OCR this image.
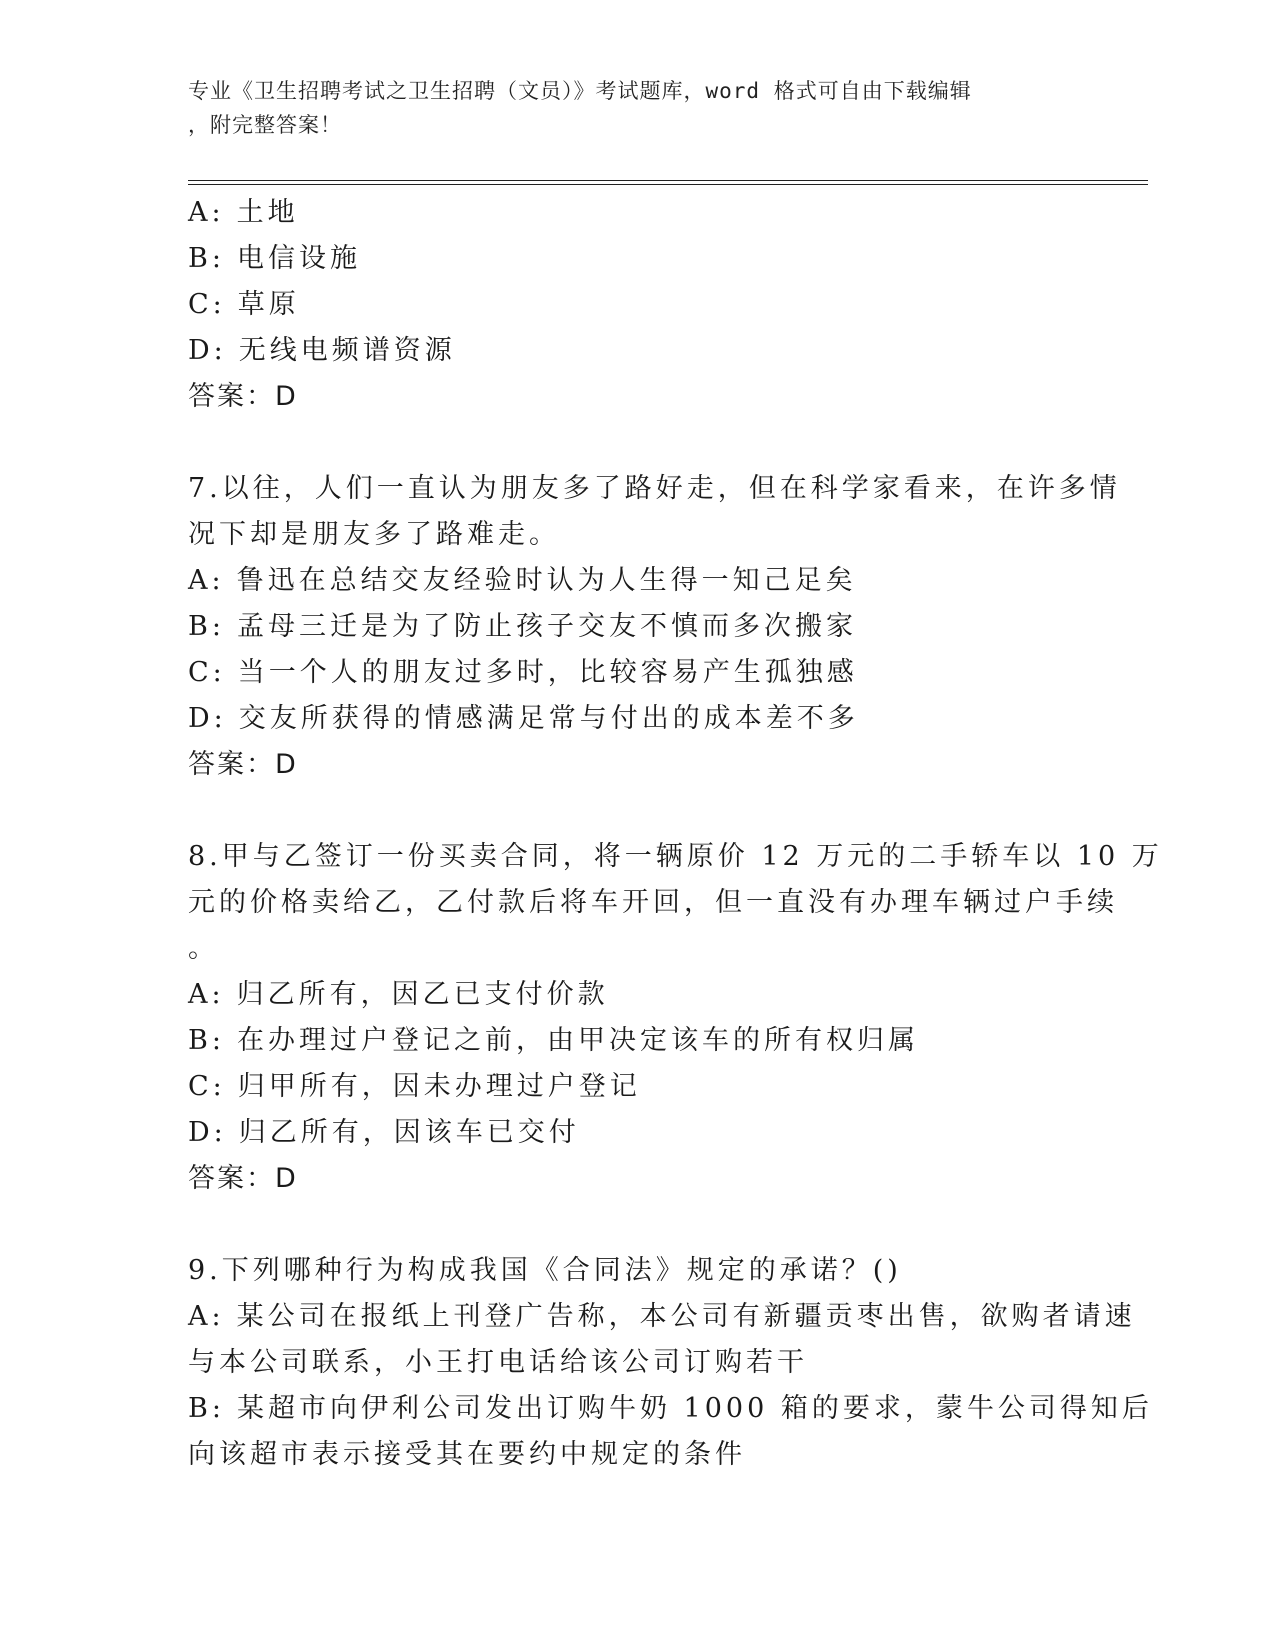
专业《卫生招聘考试之卫生招聘（文员）》考试题库，word 格式可自由下载编辑
，附完整答案！
A: 土地
B: 电信设施
C: 草原
D: 无线电频谱资源
答案：D
7.以往，人们一直认为朋友多了路好走，但在科学家看来，在许多情
况下却是朋友多了路难走。
A: 鲁迅在总结交友经验时认为人生得一知己足矣
B: 孟母三迁是为了防止孩子交友不慎而多次搬家
C: 当一个人的朋友过多时，比较容易产生孤独感
D: 交友所获得的情感满足常与付出的成本差不多
答案：D
8.甲与乙签订一份买卖合同，将一辆原价 12 万元的二手轿车以 10 万
元的价格卖给乙，乙付款后将车开回，但一直没有办理车辆过户手续
。
A: 归乙所有，因乙已支付价款
B: 在办理过户登记之前，由甲决定该车的所有权归属
C: 归甲所有，因未办理过户登记
D: 归乙所有，因该车已交付
答案：D
9.下列哪种行为构成我国《合同法》规定的承诺？()
A: 某公司在报纸上刊登广告称，本公司有新疆贡枣出售，欲购者请速
与本公司联系，小王打电话给该公司订购若干
B: 某超市向伊利公司发出订购牛奶 1000 箱的要求，蒙牛公司得知后
向该超市表示接受其在要约中规定的条件
